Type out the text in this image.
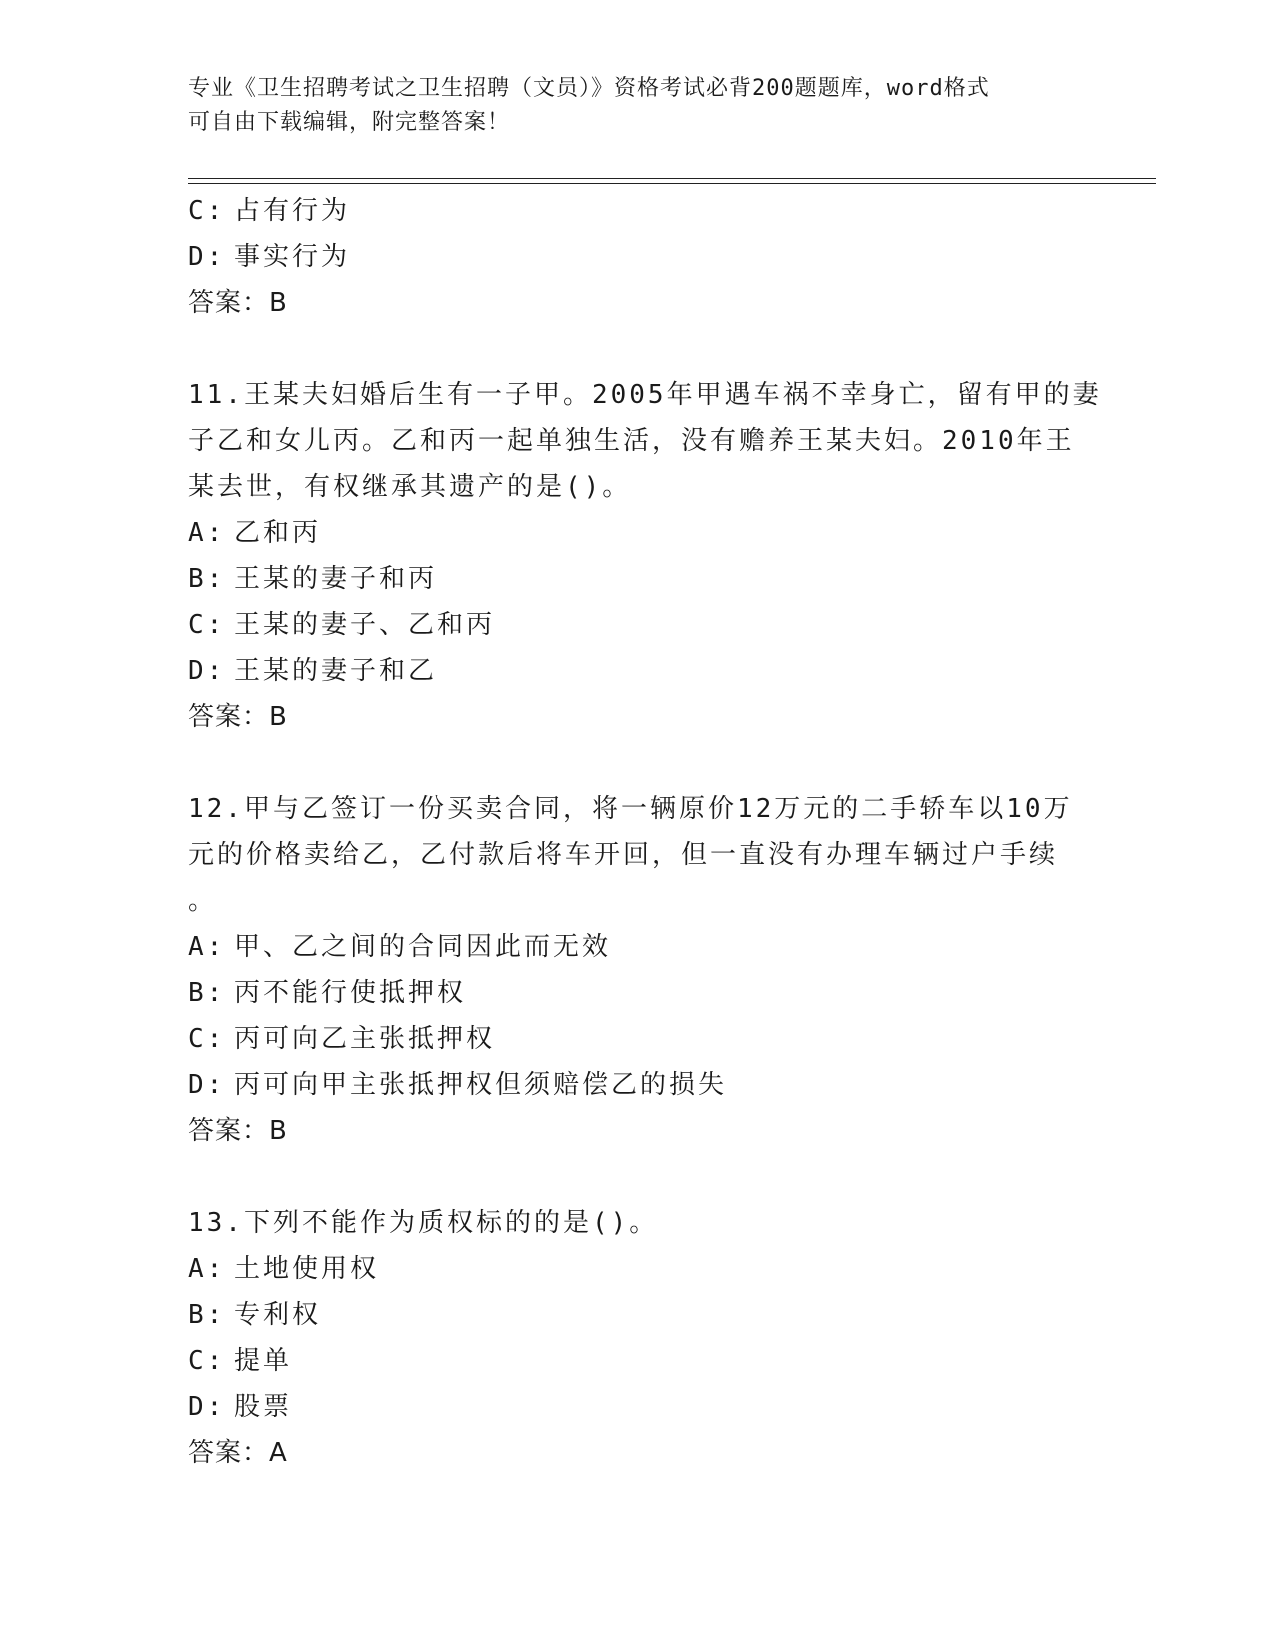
专业《卫生招聘考试之卫生招聘（文员）》资格考试必背200题题库，word格式
可自由下载编辑，附完整答案！
C: 占有行为
D: 事实行为
答案：B
11.王某夫妇婚后生有一子甲。2005年甲遇车祸不幸身亡，留有甲的妻
子乙和女儿丙。乙和丙一起单独生活，没有赡养王某夫妇。2010年王
某去世，有权继承其遗产的是()。
A: 乙和丙
B: 王某的妻子和丙
C: 王某的妻子、乙和丙
D: 王某的妻子和乙
答案：B
12.甲与乙签订一份买卖合同，将一辆原价12万元的二手轿车以10万
元的价格卖给乙，乙付款后将车开回，但一直没有办理车辆过户手续
。
A: 甲、乙之间的合同因此而无效
B: 丙不能行使抵押权
C: 丙可向乙主张抵押权
D: 丙可向甲主张抵押权但须赔偿乙的损失
答案：B
13.下列不能作为质权标的的是()。
A: 土地使用权
B: 专利权
C: 提单
D: 股票
答案：A
